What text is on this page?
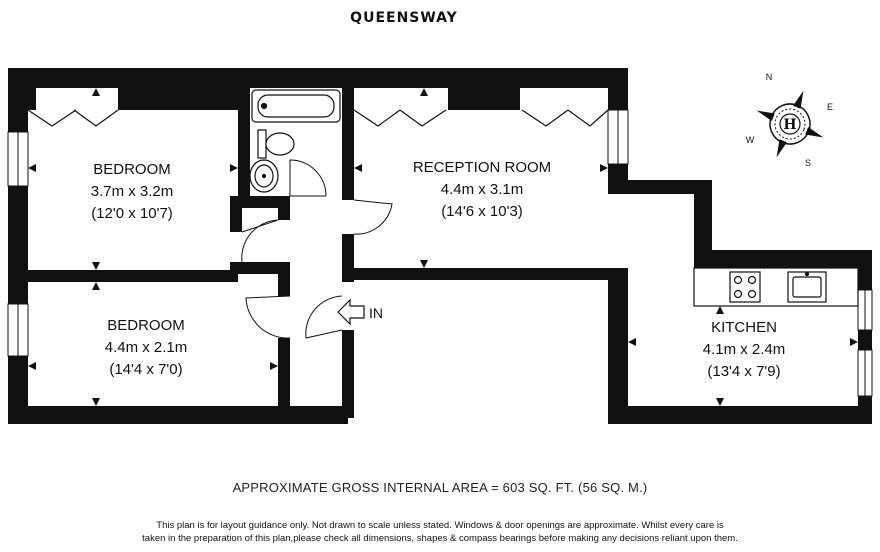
QUEENSWAY
IN
BEDROOM
3.7m x 3.2m
(12'0 x 10'7)
BEDROOM
4.4m x 2.1m
(14'4 x 7'0)
RECEPTION ROOM
4.4m x 3.1m
(14'6 x 10'3)
KITCHEN
4.1m x 2.4m
(13'4 x 7'9)
H
N
E
S
W
APPROXIMATE GROSS INTERNAL AREA = 603 SQ. FT. (56 SQ. M.)
This plan is for layout guidance only. Not drawn to scale unless stated. Windows & door openings are approximate. Whilst every care is
taken in the preparation of this plan,please check all dimensions, shapes & compass bearings before making any decisions reliant upon them.
